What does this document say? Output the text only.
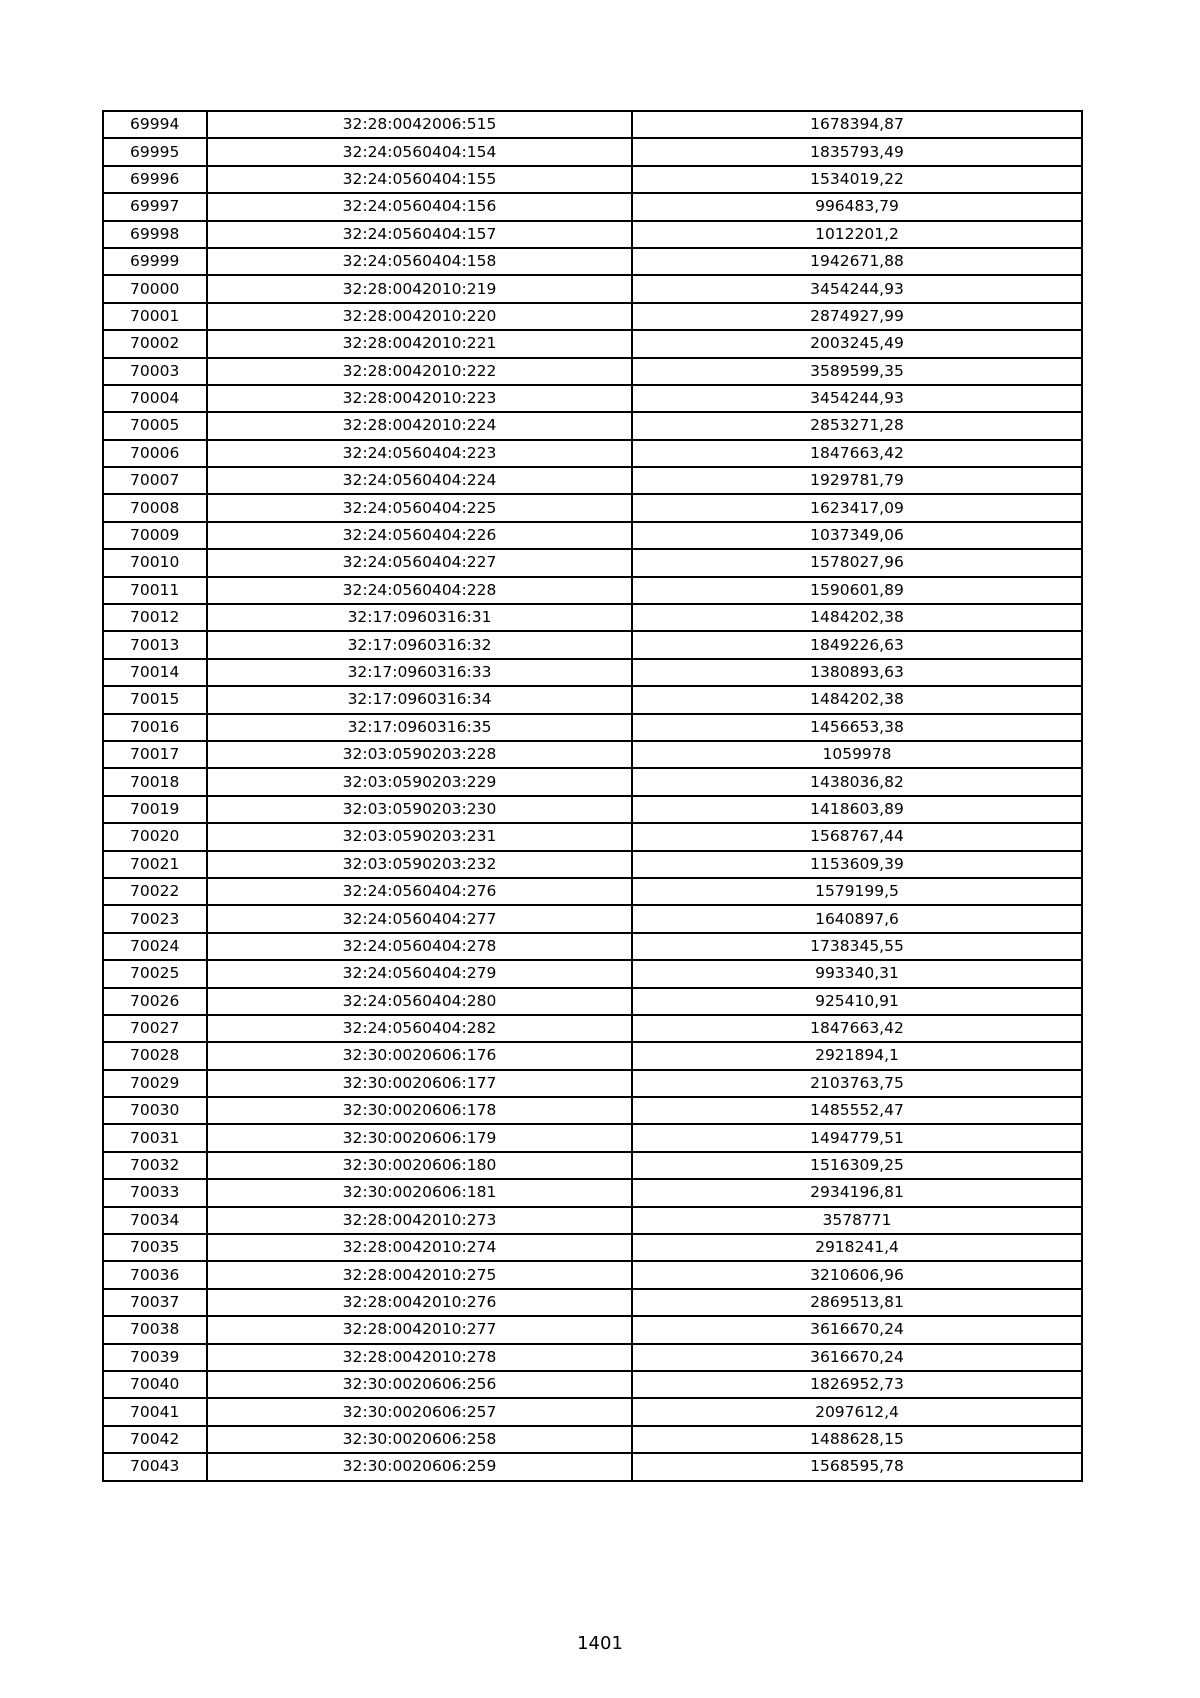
69994	32:28:0042006:515	1678394,87
69995	32:24:0560404:154	1835793,49
69996	32:24:0560404:155	1534019,22
69997	32:24:0560404:156	996483,79
69998	32:24:0560404:157	1012201,2
69999	32:24:0560404:158	1942671,88
70000	32:28:0042010:219	3454244,93
70001	32:28:0042010:220	2874927,99
70002	32:28:0042010:221	2003245,49
70003	32:28:0042010:222	3589599,35
70004	32:28:0042010:223	3454244,93
70005	32:28:0042010:224	2853271,28
70006	32:24:0560404:223	1847663,42
70007	32:24:0560404:224	1929781,79
70008	32:24:0560404:225	1623417,09
70009	32:24:0560404:226	1037349,06
70010	32:24:0560404:227	1578027,96
70011	32:24:0560404:228	1590601,89
70012	32:17:0960316:31	1484202,38
70013	32:17:0960316:32	1849226,63
70014	32:17:0960316:33	1380893,63
70015	32:17:0960316:34	1484202,38
70016	32:17:0960316:35	1456653,38
70017	32:03:0590203:228	1059978
70018	32:03:0590203:229	1438036,82
70019	32:03:0590203:230	1418603,89
70020	32:03:0590203:231	1568767,44
70021	32:03:0590203:232	1153609,39
70022	32:24:0560404:276	1579199,5
70023	32:24:0560404:277	1640897,6
70024	32:24:0560404:278	1738345,55
70025	32:24:0560404:279	993340,31
70026	32:24:0560404:280	925410,91
70027	32:24:0560404:282	1847663,42
70028	32:30:0020606:176	2921894,1
70029	32:30:0020606:177	2103763,75
70030	32:30:0020606:178	1485552,47
70031	32:30:0020606:179	1494779,51
70032	32:30:0020606:180	1516309,25
70033	32:30:0020606:181	2934196,81
70034	32:28:0042010:273	3578771
70035	32:28:0042010:274	2918241,4
70036	32:28:0042010:275	3210606,96
70037	32:28:0042010:276	2869513,81
70038	32:28:0042010:277	3616670,24
70039	32:28:0042010:278	3616670,24
70040	32:30:0020606:256	1826952,73
70041	32:30:0020606:257	2097612,4
70042	32:30:0020606:258	1488628,15
70043	32:30:0020606:259	1568595,78
1401
